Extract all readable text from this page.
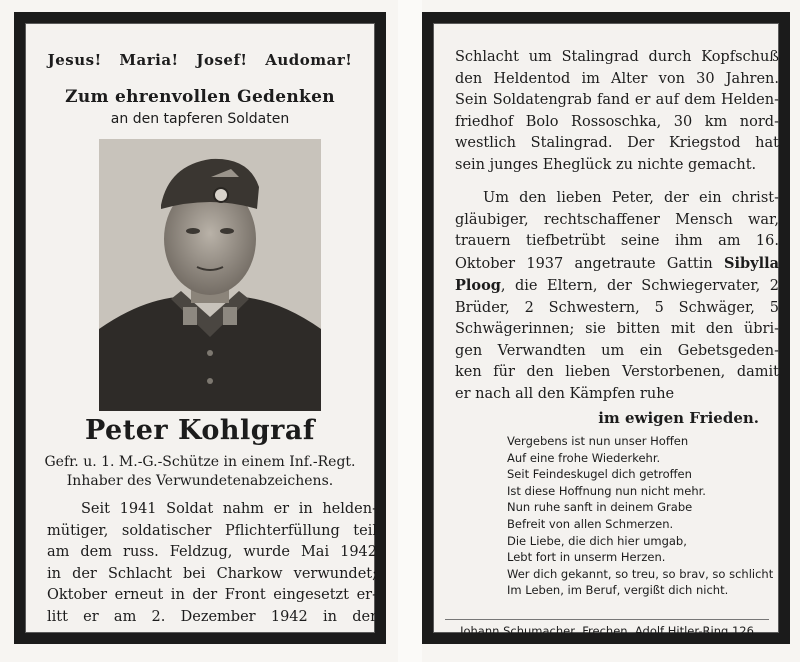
Jesus! Maria! Josef! Audomar!
Zum ehrenvollen Gedenken
an den tapferen Soldaten
Peter Kohlgraf
Gefr. u. 1. M.-G.-Schütze in einem Inf.-Regt.
Inhaber des Verwundetenabzeichens.
Seit 1941 Soldat nahm er in helden-
mütiger, soldatischer Pflichterfüllung teil
am dem russ. Feldzug, wurde Mai 1942
in der Schlacht bei Charkow verwundet;
Oktober erneut in der Front eingesetzt er-
litt er am 2. Dezember 1942 in der
Schlacht um Stalingrad durch Kopfschuß
den Heldentod im Alter von 30 Jahren.
Sein Soldatengrab fand er auf dem Helden-
friedhof Bolo Rossoschka, 30 km nord-
westlich Stalingrad. Der Kriegstod hat
sein junges Eheglück zu nichte gemacht.
Um den lieben Peter, der ein christ-
gläubiger, rechtschaffener Mensch war,
trauern tiefbetrübt seine ihm am 16.
Oktober 1937 angetraute Gattin Sibylla
Ploog, die Eltern, der Schwiegervater, 2
Brüder, 2 Schwestern, 5 Schwäger, 5
Schwägerinnen; sie bitten mit den übri-
gen Verwandten um ein Gebetsgeden-
ken für den lieben Verstorbenen, damit
er nach all den Kämpfen ruhe
im ewigen Frieden.
Vergebens ist nun unser Hoffen
Auf eine frohe Wiederkehr.
Seit Feindeskugel dich getroffen
Ist diese Hoffnung nun nicht mehr.
Nun ruhe sanft in deinem Grabe
Befreit von allen Schmerzen.
Die Liebe, die dich hier umgab,
Lebt fort in unserm Herzen.
Wer dich gekannt, so treu, so brav, so schlicht
Im Leben, im Beruf, vergißt dich nicht.
Johann Schumacher, Frechen, Adolf Hitler-Ring 126
